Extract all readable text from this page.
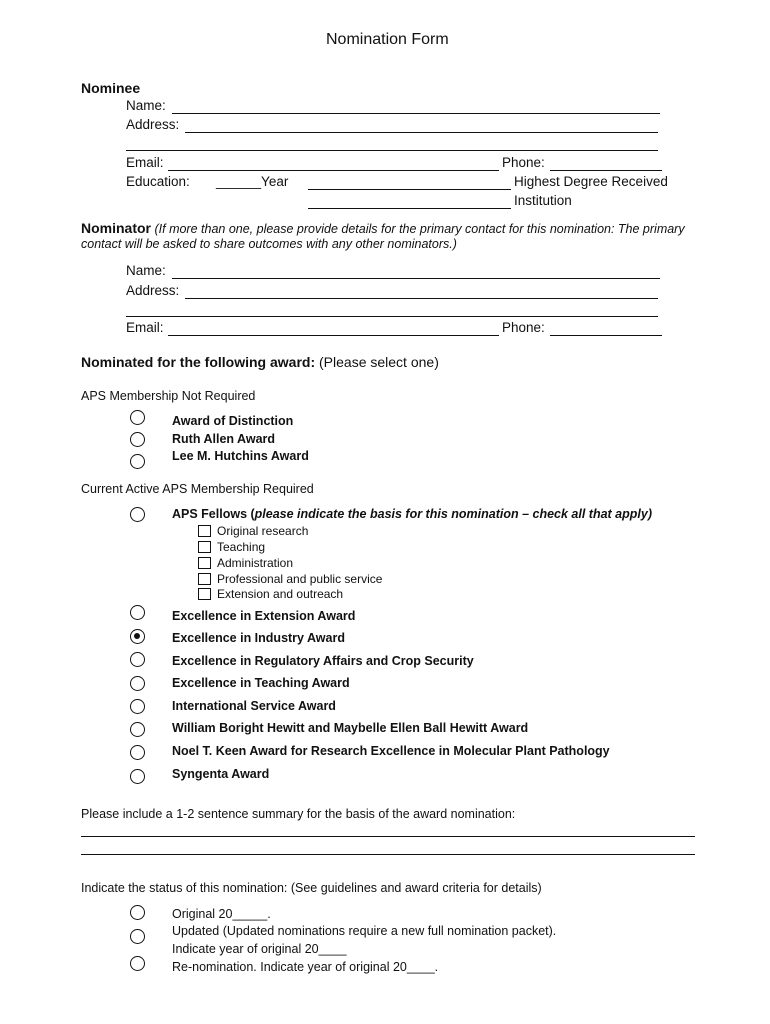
Nomination Form
Nominee
Name:
Address:
Email:	Phone:
Education: ______Year	Highest Degree Received
Institution
Nominator (If more than one, please provide details for the primary contact for this nomination: The primary
contact will be asked to share outcomes with any other nominators.)
Name:
Address:
Email:	Phone:
Nominated for the following award: (Please select one)
APS Membership Not Required
Award of Distinction
Ruth Allen Award
Lee M. Hutchins Award
Current Active APS Membership Required
APS Fellows (please indicate the basis for this nomination – check all that apply)
Original research
Teaching
Administration
Professional and public service
Extension and outreach
Excellence in Extension Award
Excellence in Industry Award
Excellence in Regulatory Affairs and Crop Security
Excellence in Teaching Award
International Service Award
William Boright Hewitt and Maybelle Ellen Ball Hewitt Award
Noel T. Keen Award for Research Excellence in Molecular Plant Pathology
Syngenta Award
Please include a 1-2 sentence summary for the basis of the award nomination:
Indicate the status of this nomination: (See guidelines and award criteria for details)
Original 20_____.
Updated (Updated nominations require a new full nomination packet).
Indicate year of original 20____
Re-nomination. Indicate year of original 20____.
